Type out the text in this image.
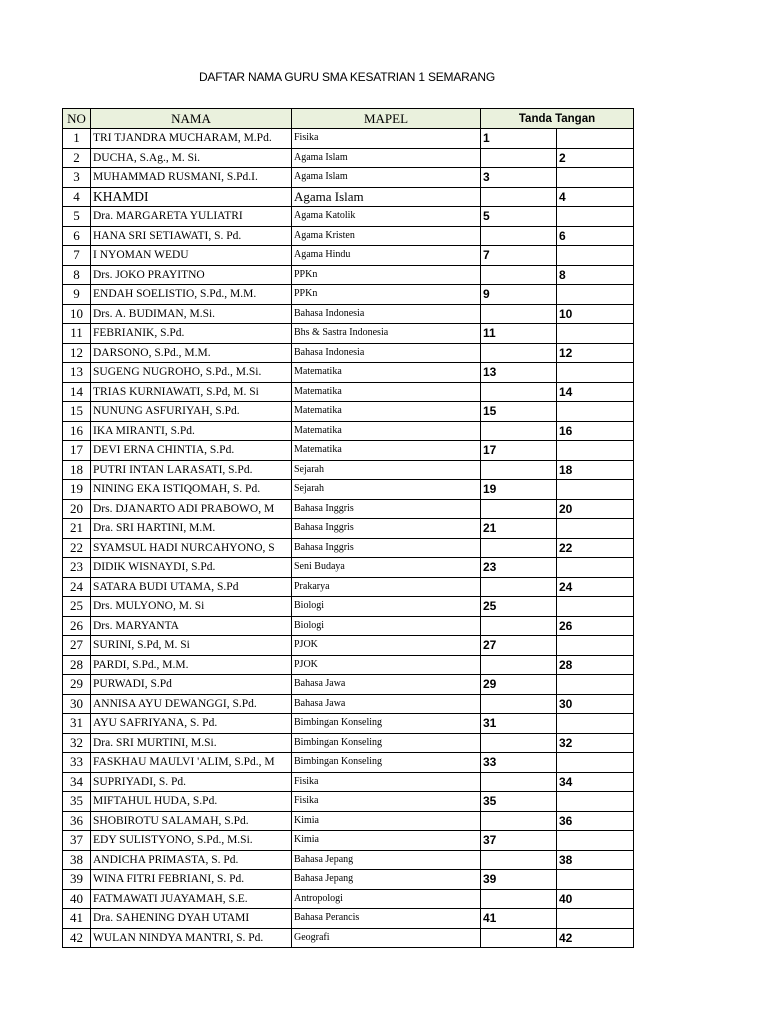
DAFTAR NAMA GURU SMA KESATRIAN 1 SEMARANG
NO	NAMA	MAPEL	Tanda Tangan	
1	TRI TJANDRA MUCHARAM, M.Pd.	Fisika	1	
2	DUCHA, S.Ag., M. Si.	Agama Islam		2
3	MUHAMMAD RUSMANI, S.Pd.I.	Agama Islam	3	
4	KHAMDI	Agama Islam		4
5	Dra. MARGARETA YULIATRI	Agama Katolik	5	
6	HANA SRI SETIAWATI, S. Pd.	Agama Kristen		6
7	I NYOMAN WEDU	Agama Hindu	7	
8	Drs. JOKO PRAYITNO	PPKn		8
9	ENDAH SOELISTIO, S.Pd., M.M.	PPKn	9	
10	Drs. A. BUDIMAN, M.Si.	Bahasa Indonesia		10
11	FEBRIANIK, S.Pd.	Bhs & Sastra Indonesia	11	
12	DARSONO, S.Pd., M.M.	Bahasa Indonesia		12
13	SUGENG NUGROHO, S.Pd., M.Si.	Matematika	13	
14	TRIAS KURNIAWATI, S.Pd, M. Si	Matematika		14
15	NUNUNG ASFURIYAH, S.Pd.	Matematika	15	
16	IKA MIRANTI, S.Pd.	Matematika		16
17	DEVI ERNA CHINTIA, S.Pd.	Matematika	17	
18	PUTRI INTAN LARASATI, S.Pd.	Sejarah		18
19	NINING EKA ISTIQOMAH, S. Pd.	Sejarah	19	
20	Drs. DJANARTO ADI PRABOWO, M	Bahasa Inggris		20
21	Dra. SRI HARTINI, M.M.	Bahasa Inggris	21	
22	SYAMSUL HADI NURCAHYONO, S	Bahasa Inggris		22
23	DIDIK WISNAYDI, S.Pd.	Seni Budaya	23	
24	SATARA BUDI UTAMA, S.Pd	Prakarya		24
25	Drs. MULYONO, M. Si	Biologi	25	
26	Drs. MARYANTA	Biologi		26
27	SURINI, S.Pd, M. Si	PJOK	27	
28	PARDI, S.Pd., M.M.	PJOK		28
29	PURWADI, S.Pd	Bahasa Jawa	29	
30	ANNISA AYU DEWANGGI, S.Pd.	Bahasa Jawa		30
31	AYU SAFRIYANA, S. Pd.	Bimbingan Konseling	31	
32	Dra. SRI MURTINI, M.Si.	Bimbingan Konseling		32
33	FASKHAU MAULVI 'ALIM, S.Pd., M	Bimbingan Konseling	33	
34	SUPRIYADI, S. Pd.	Fisika		34
35	MIFTAHUL HUDA, S.Pd.	Fisika	35	
36	SHOBIROTU SALAMAH, S.Pd.	Kimia		36
37	EDY SULISTYONO, S.Pd., M.Si.	Kimia	37	
38	ANDICHA PRIMASTA, S. Pd.	Bahasa Jepang		38
39	WINA FITRI FEBRIANI, S. Pd.	Bahasa Jepang	39	
40	FATMAWATI JUAYAMAH, S.E.	Antropologi		40
41	Dra. SAHENING DYAH UTAMI	Bahasa Perancis	41	
42	WULAN NINDYA MANTRI, S. Pd.	Geografi		42
